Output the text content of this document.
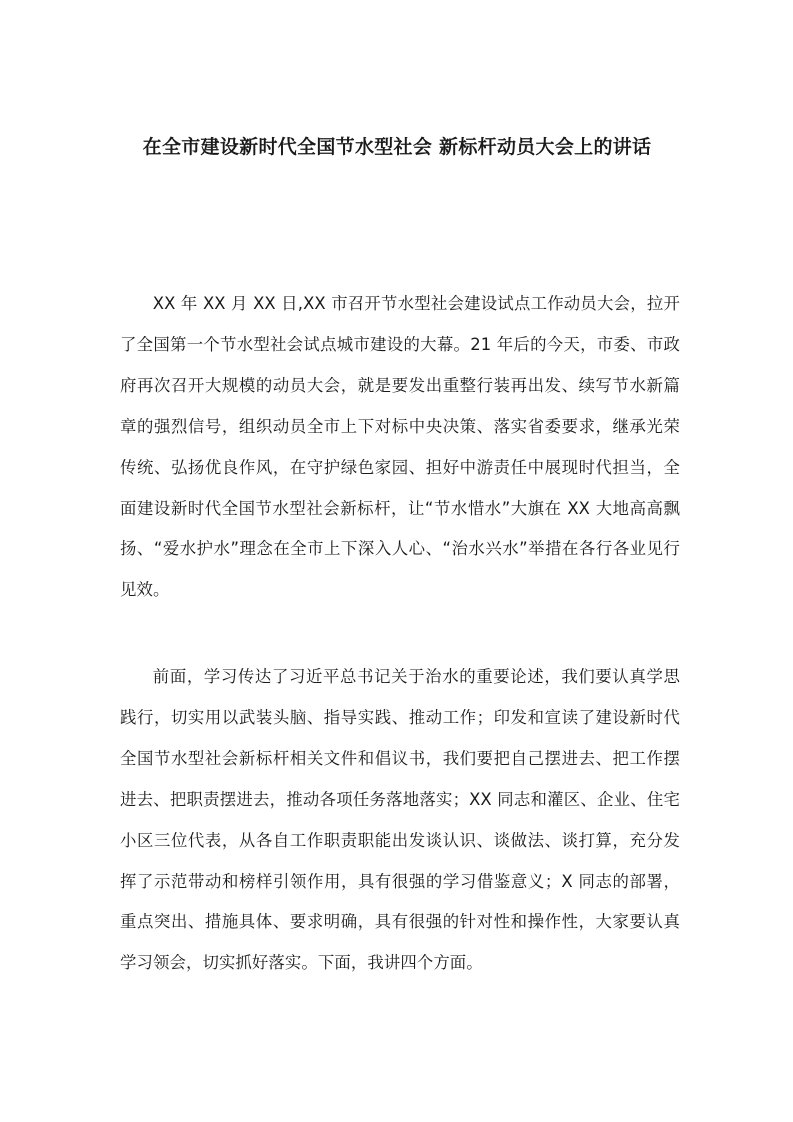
在全市建设新时代全国节水型社会 新标杆动员大会上的讲话

XX 年 XX 月 XX 日,XX 市召开节水型社会建设试点工作动员大会，拉开了全国第一个节水型社会试点城市建设的大幕。21 年后的今天，市委、市政府再次召开大规模的动员大会，就是要发出重整行装再出发、续写节水新篇章的强烈信号，组织动员全市上下对标中央决策、落实省委要求，继承光荣传统、弘扬优良作风，在守护绿色家园、担好中游责任中展现时代担当，全面建设新时代全国节水型社会新标杆，让“节水惜水”大旗在 XX 大地高高飘扬、“爱水护水”理念在全市上下深入人心、“治水兴水”举措在各行各业见行见效。

前面，学习传达了习近平总书记关于治水的重要论述，我们要认真学思践行，切实用以武装头脑、指导实践、推动工作；印发和宣读了建设新时代全国节水型社会新标杆相关文件和倡议书，我们要把自己摆进去、把工作摆进去、把职责摆进去，推动各项任务落地落实；XX 同志和灌区、企业、住宅小区三位代表，从各自工作职责职能出发谈认识、谈做法、谈打算，充分发挥了示范带动和榜样引领作用，具有很强的学习借鉴意义；X 同志的部署，重点突出、措施具体、要求明确，具有很强的针对性和操作性，大家要认真学习领会，切实抓好落实。下面，我讲四个方面。
